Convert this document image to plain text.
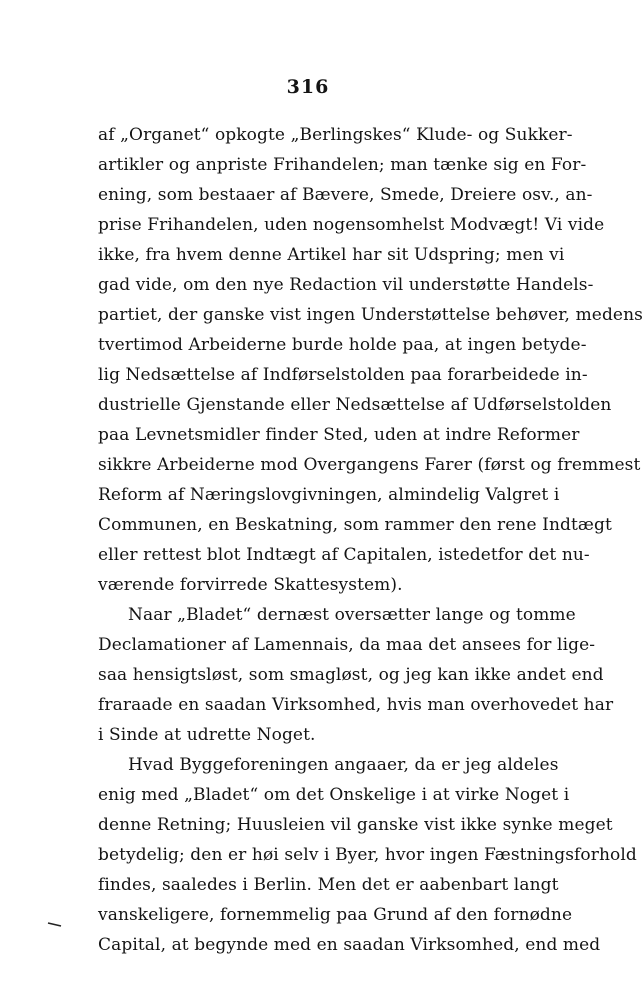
316
af „Organet“ opkogte „Berlingskes“ Klude- og Sukker-
artikler og anpriste Frihandelen; man tænke sig en For-
ening, som bestaaer af Bævere, Smede, Dreiere osv., an-
prise Frihandelen, uden nogensomhelst Modvægt! Vi vide
ikke, fra hvem denne Artikel har sit Udspring; men vi
gad vide, om den nye Redaction vil understøtte Handels-
partiet, der ganske vist ingen Understøttelse behøver, medens
tvertimod Arbeiderne burde holde paa, at ingen betyde-
lig Nedsættelse af Indførselstolden paa forarbeidede in-
dustrielle Gjenstande eller Nedsættelse af Udførselstolden
paa Levnetsmidler finder Sted, uden at indre Reformer
sikkre Arbeiderne mod Overgangens Farer (først og fremmest
Reform af Næringslovgivningen, almindelig Valgret i
Communen, en Beskatning, som rammer den rene Indtægt
eller rettest blot Indtægt af Capitalen, istedetfor det nu-
værende forvirrede Skattesystem).
Naar „Bladet“ dernæst oversætter lange og tomme
Declamationer af Lamennais, da maa det ansees for lige-
saa hensigtsløst, som smagløst, og jeg kan ikke andet end
fraraade en saadan Virksomhed, hvis man overhovedet har
i Sinde at udrette Noget.
Hvad Byggeforeningen angaaer, da er jeg aldeles
enig med „Bladet“ om det Onskelige i at virke Noget i
denne Retning; Huusleien vil ganske vist ikke synke meget
betydelig; den er høi selv i Byer, hvor ingen Fæstningsforhold
findes, saaledes i Berlin. Men det er aabenbart langt
vanskeligere, fornemmelig paa Grund af den fornødne
Capital, at begynde med en saadan Virksomhed, end med
